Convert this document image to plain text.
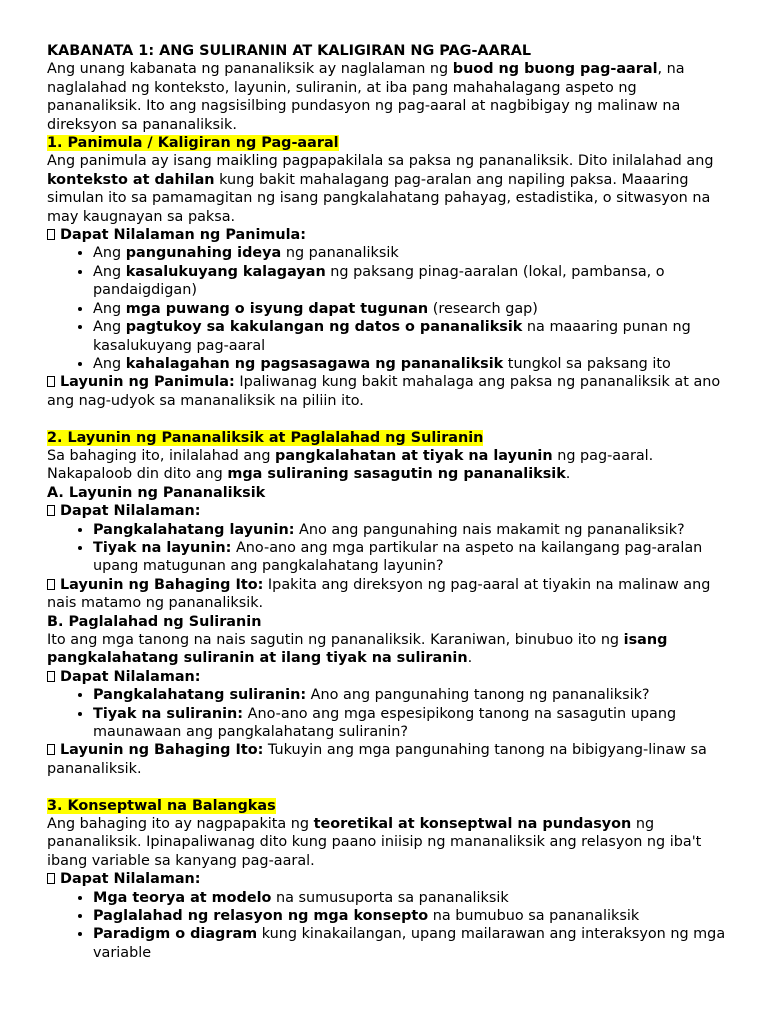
KABANATA 1: ANG SULIRANIN AT KALIGIRAN NG PAG-AARAL

Ang unang kabanata ng pananaliksik ay naglalaman ng buod ng buong pag-aaral, na naglalahad ng konteksto, layunin, suliranin, at iba pang mahahalagang aspeto ng pananaliksik. Ito ang nagsisilbing pundasyon ng pag-aaral at nagbibigay ng malinaw na direksyon sa pananaliksik.

1. Panimula / Kaligiran ng Pag-aaral

Ang panimula ay isang maikling pagpapakilala sa paksa ng pananaliksik. Dito inilalahad ang konteksto at dahilan kung bakit mahalagang pag-aralan ang napiling paksa. Maaaring simulan ito sa pamamagitan ng isang pangkalahatang pahayag, estadistika, o sitwasyon na may kaugnayan sa paksa.

Dapat Nilalaman ng Panimula:

• Ang pangunahing ideya ng pananaliksik
• Ang kasalukuyang kalagayan ng paksang pinag-aaralan (lokal, pambansa, o pandaigdigan)
• Ang mga puwang o isyung dapat tugunan (research gap)
• Ang pagtukoy sa kakulangan ng datos o pananaliksik na maaaring punan ng kasalukuyang pag-aaral
• Ang kahalagahan ng pagsasagawa ng pananaliksik tungkol sa paksang ito

Layunin ng Panimula: Ipaliwanag kung bakit mahalaga ang paksa ng pananaliksik at ano ang nag-udyok sa mananaliksik na piliin ito.

2. Layunin ng Pananaliksik at Paglalahad ng Suliranin

Sa bahaging ito, inilalahad ang pangkalahatan at tiyak na layunin ng pag-aaral. Nakapaloob din dito ang mga suliraning sasagutin ng pananaliksik.

A. Layunin ng Pananaliksik

Dapat Nilalaman:

• Pangkalahatang layunin: Ano ang pangunahing nais makamit ng pananaliksik?
• Tiyak na layunin: Ano-ano ang mga partikular na aspeto na kailangang pag-aralan upang matugunan ang pangkalahatang layunin?

Layunin ng Bahaging Ito: Ipakita ang direksyon ng pag-aaral at tiyakin na malinaw ang nais matamo ng pananaliksik.

B. Paglalahad ng Suliranin

Ito ang mga tanong na nais sagutin ng pananaliksik. Karaniwan, binubuo ito ng isang pangkalahatang suliranin at ilang tiyak na suliranin.

Dapat Nilalaman:

• Pangkalahatang suliranin: Ano ang pangunahing tanong ng pananaliksik?
• Tiyak na suliranin: Ano-ano ang mga espesipikong tanong na sasagutin upang maunawaan ang pangkalahatang suliranin?

Layunin ng Bahaging Ito: Tukuyin ang mga pangunahing tanong na bibigyang-linaw sa pananaliksik.

3. Konseptwal na Balangkas

Ang bahaging ito ay nagpapakita ng teoretikal at konseptwal na pundasyon ng pananaliksik. Ipinapaliwanag dito kung paano iniisip ng mananaliksik ang relasyon ng iba't ibang variable sa kanyang pag-aaral.

Dapat Nilalaman:

• Mga teorya at modelo na sumusuporta sa pananaliksik
• Paglalahad ng relasyon ng mga konsepto na bumubuo sa pananaliksik
• Paradigm o diagram kung kinakailangan, upang mailarawan ang interaksyon ng mga variable
